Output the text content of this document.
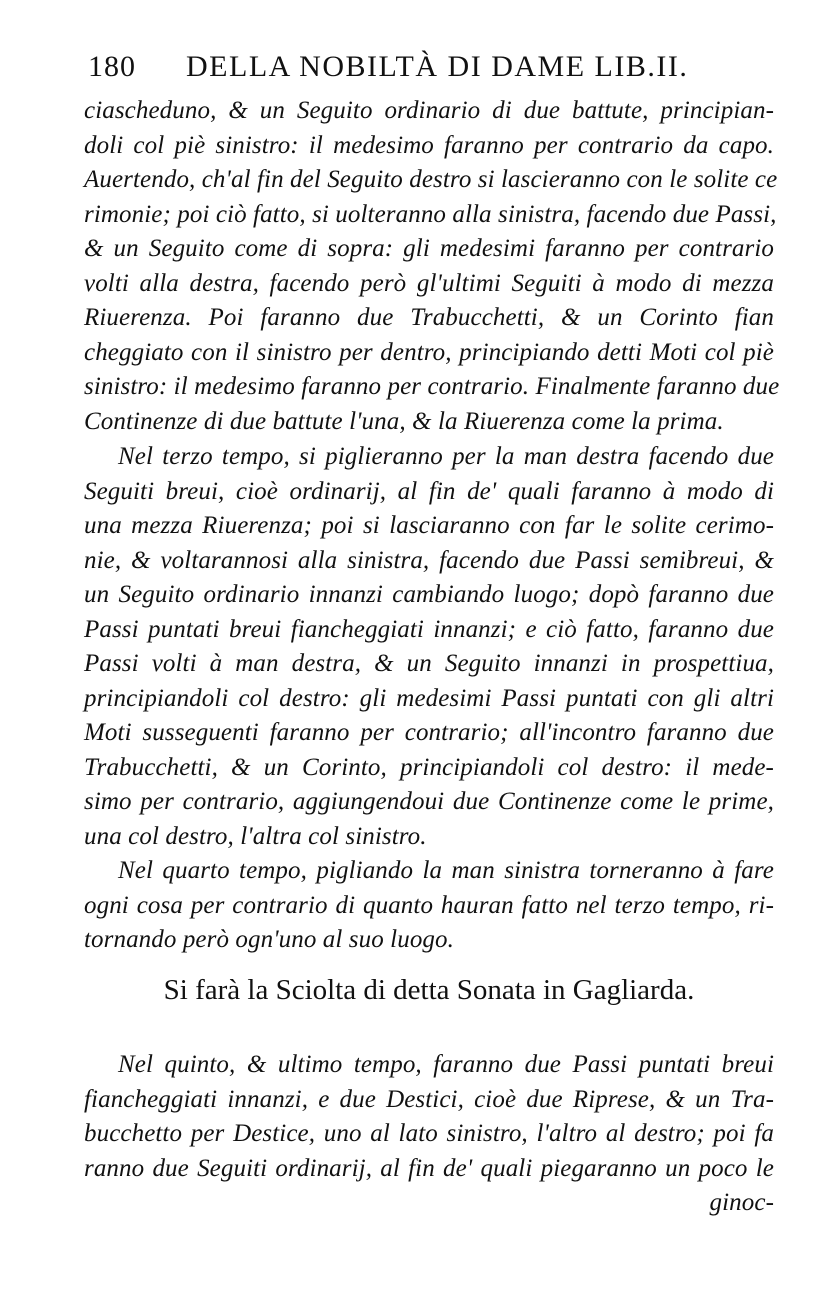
180 DELLA NOBILTÀ DI DAME LIB.II.
ciascheduno, & un Seguito ordinario di due battute, principian-
doli col piè sinistro: il medesimo faranno per contrario da capo.
Auertendo, ch'al fin del Seguito destro si lascieranno con le solite ce
rimonie; poi ciò fatto, si uolteranno alla sinistra, facendo due Passi,
& un Seguito come di sopra: gli medesimi faranno per contrario
volti alla destra, facendo però gl'ultimi Seguiti à modo di mezza
Riuerenza. Poi faranno due Trabucchetti, & un Corinto fian
cheggiato con il sinistro per dentro, principiando detti Moti col piè
sinistro: il medesimo faranno per contrario. Finalmente faranno due
Continenze di due battute l'una, & la Riuerenza come la prima.
Nel terzo tempo, si piglieranno per la man destra facendo due
Seguiti breui, cioè ordinarij, al fin de' quali faranno à modo di
una mezza Riuerenza; poi si lasciaranno con far le solite cerimo-
nie, & voltarannosi alla sinistra, facendo due Passi semibreui, &
un Seguito ordinario innanzi cambiando luogo; dopò faranno due
Passi puntati breui fiancheggiati innanzi; e ciò fatto, faranno due
Passi volti à man destra, & un Seguito innanzi in prospettiua,
principiandoli col destro: gli medesimi Passi puntati con gli altri
Moti susseguenti faranno per contrario; all'incontro faranno due
Trabucchetti, & un Corinto, principiandoli col destro: il mede-
simo per contrario, aggiungendoui due Continenze come le prime,
una col destro, l'altra col sinistro.
Nel quarto tempo, pigliando la man sinistra torneranno à fare
ogni cosa per contrario di quanto hauran fatto nel terzo tempo, ri-
tornando però ogn'uno al suo luogo.
Si farà la Sciolta di detta Sonata in Gagliarda.
Nel quinto, & ultimo tempo, faranno due Passi puntati breui
fiancheggiati innanzi, e due Destici, cioè due Riprese, & un Tra-
bucchetto per Destice, uno al lato sinistro, l'altro al destro; poi fa
ranno due Seguiti ordinarij, al fin de' quali piegaranno un poco le
ginoc-
